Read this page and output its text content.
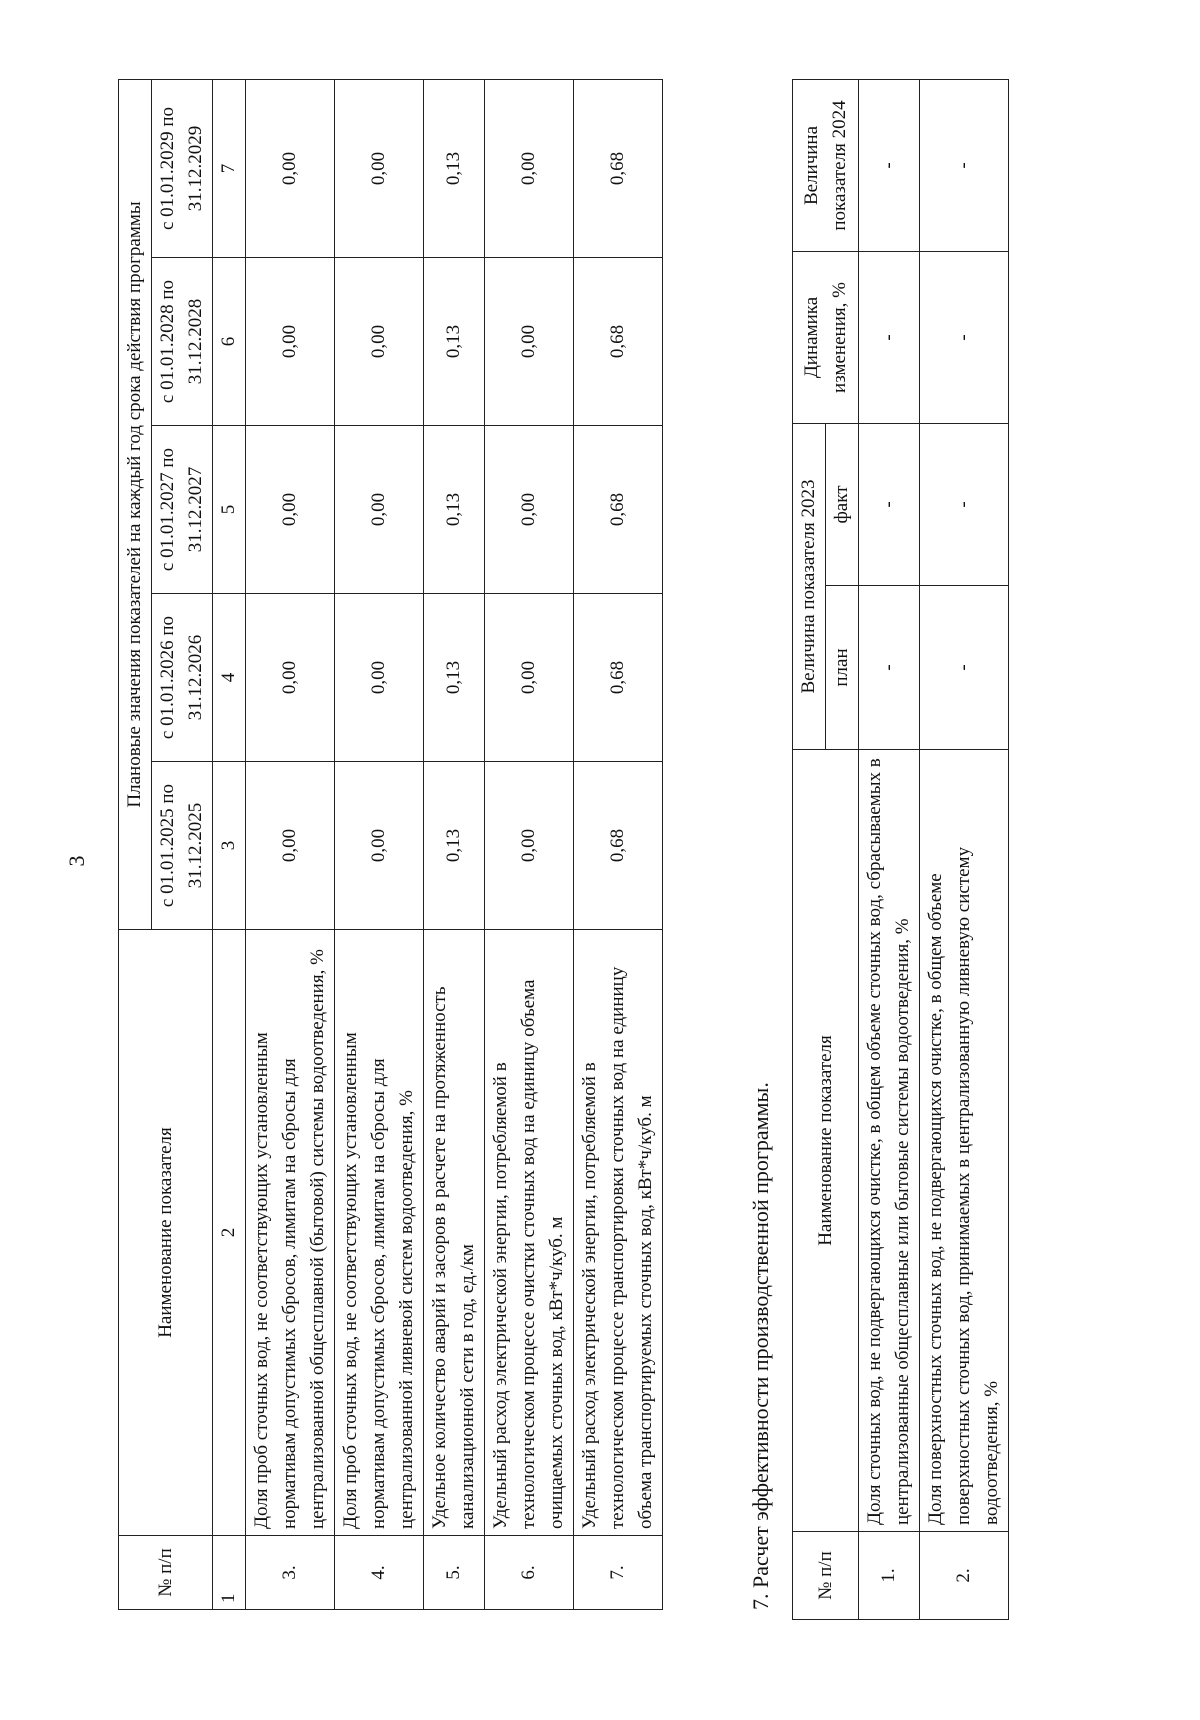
3
№ п/п	Наименование показателя	Плановые значения показателей на каждый год срока действия программы				
		с 01.01.2025 по 31.12.2025	с 01.01.2026 по 31.12.2026	с 01.01.2027 по 31.12.2027	с 01.01.2028 по 31.12.2028	с 01.01.2029 по 31.12.2029
1	2	3	4	5	6	7
3.	Доля проб сточных вод, не соответствующих установленным нормативам допустимых сбросов, лимитам на сбросы для централизованной общесплавной (бытовой) системы водоотведения, %	0,00	0,00	0,00	0,00	0,00
4.	Доля проб сточных вод, не соответствующих установленным нормативам допустимых сбросов, лимитам на сбросы для централизованной ливневой систем водоотведения, %	0,00	0,00	0,00	0,00	0,00
5.	Удельное количество аварий и засоров в расчете на протяженность канализационной сети в год, ед./км	0,13	0,13	0,13	0,13	0,13
6.	Удельный расход электрической энергии, потребляемой в технологическом процессе очистки сточных вод на единицу объема очищаемых сточных вод, кВт*ч/куб. м	0,00	0,00	0,00	0,00	0,00
7.	Удельный расход электрической энергии, потребляемой в технологическом процессе транспортировки сточных вод на единицу объема транспортируемых сточных вод, кВт*ч/куб. м	0,68	0,68	0,68	0,68	0,68
7. Расчет эффективности производственной программы. № п/п	Наименование показателя	Величина показателя 2023		Динамика изменения, %	Величина показателя 2024
		план	факт		
1.	Доля сточных вод, не подвергающихся очистке, в общем объеме сточных вод, сбрасываемых в централизованные общесплавные или бытовые системы водоотведения, %	-	-	-	-
2.	Доля поверхностных сточных вод, не подвергающихся очистке, в общем объеме поверхностных сточных вод, принимаемых в централизованную ливневую систему водоотведения, %	-	-	-	-
